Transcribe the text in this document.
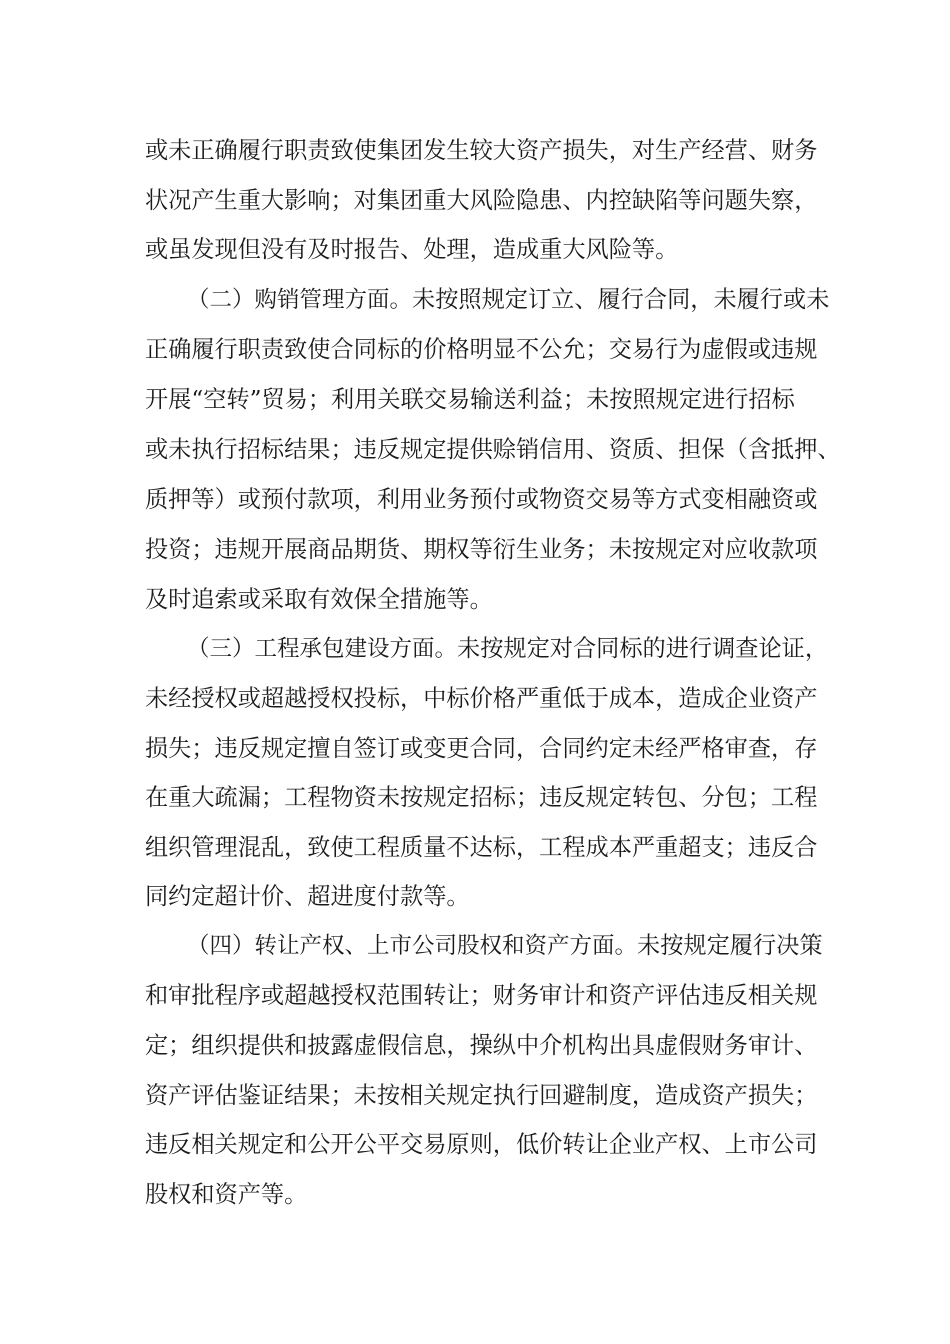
或未正确履行职责致使集团发生较大资产损失，对生产经营、财务
状况产生重大影响；对集团重大风险隐患、内控缺陷等问题失察，
或虽发现但没有及时报告、处理，造成重大风险等。
（二）购销管理方面。未按照规定订立、履行合同，未履行或未
正确履行职责致使合同标的价格明显不公允；交易行为虚假或违规
开展“空转”贸易；利用关联交易输送利益；未按照规定进行招标
或未执行招标结果；违反规定提供赊销信用、资质、担保（含抵押、
质押等）或预付款项，利用业务预付或物资交易等方式变相融资或
投资；违规开展商品期货、期权等衍生业务；未按规定对应收款项
及时追索或采取有效保全措施等。
（三）工程承包建设方面。未按规定对合同标的进行调查论证，
未经授权或超越授权投标，中标价格严重低于成本，造成企业资产
损失；违反规定擅自签订或变更合同，合同约定未经严格审查，存
在重大疏漏；工程物资未按规定招标；违反规定转包、分包；工程
组织管理混乱，致使工程质量不达标，工程成本严重超支；违反合
同约定超计价、超进度付款等。
（四）转让产权、上市公司股权和资产方面。未按规定履行决策
和审批程序或超越授权范围转让；财务审计和资产评估违反相关规
定；组织提供和披露虚假信息，操纵中介机构出具虚假财务审计、
资产评估鉴证结果；未按相关规定执行回避制度，造成资产损失；
违反相关规定和公开公平交易原则，低价转让企业产权、上市公司
股权和资产等。
